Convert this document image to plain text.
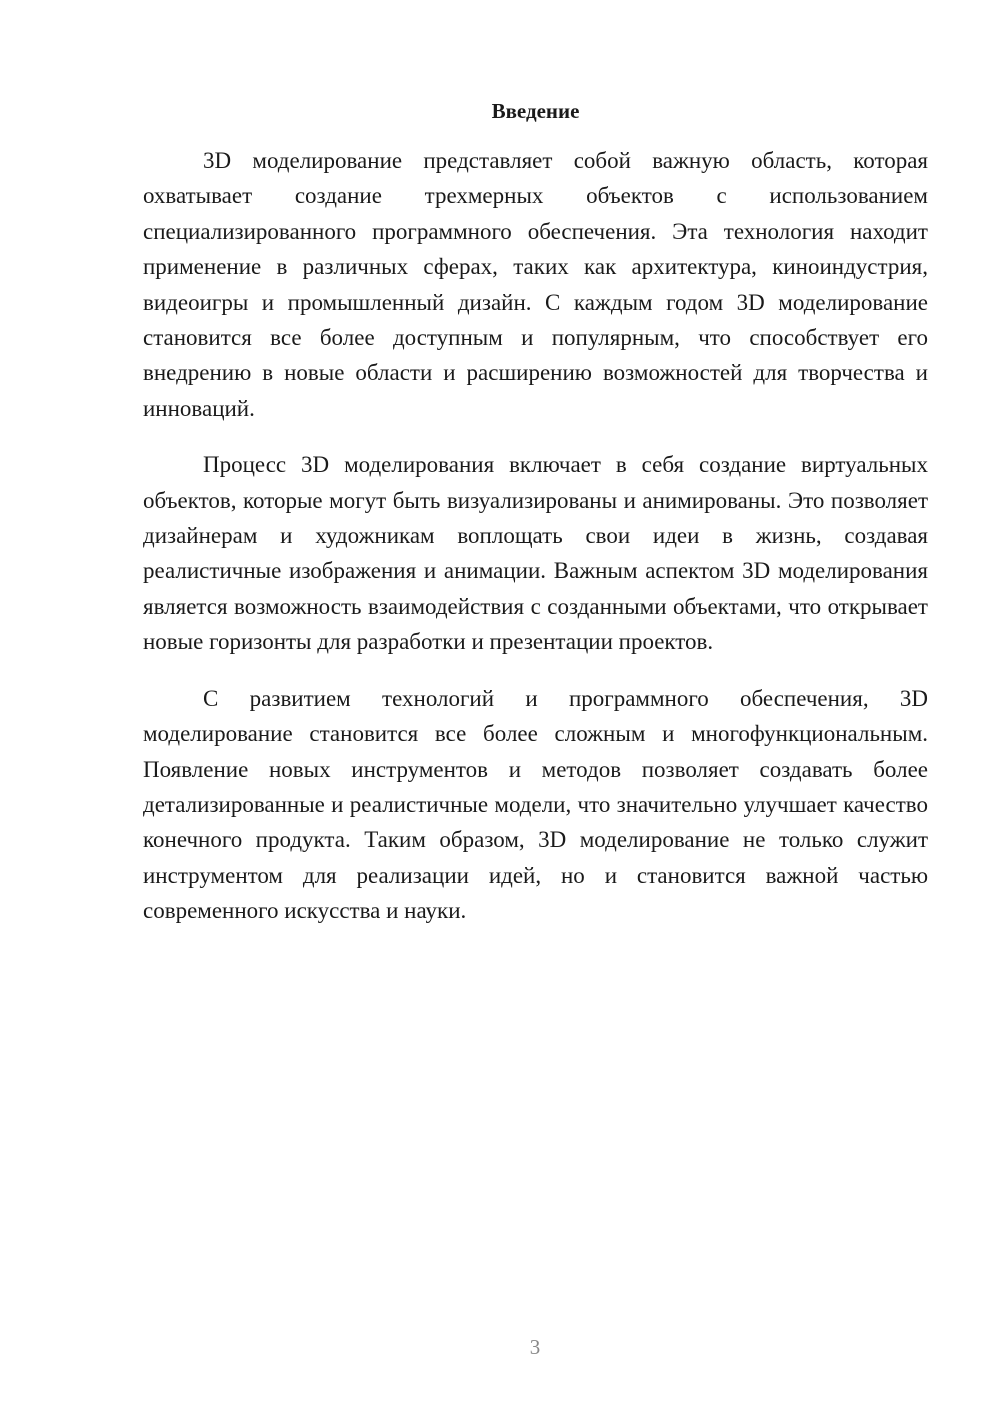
Введение

3D моделирование представляет собой важную область, которая охватывает создание трехмерных объектов с использованием специализированного программного обеспечения. Эта технология находит применение в различных сферах, таких как архитектура, киноиндустрия, видеоигры и промышленный дизайн. С каждым годом 3D моделирование становится все более доступным и популярным, что способствует его внедрению в новые области и расширению возможностей для творчества и инноваций.

Процесс 3D моделирования включает в себя создание виртуальных объектов, которые могут быть визуализированы и анимированы. Это позволяет дизайнерам и художникам воплощать свои идеи в жизнь, создавая реалистичные изображения и анимации. Важным аспектом 3D моделирования является возможность взаимодействия с созданными объектами, что открывает новые горизонты для разработки и презентации проектов.

С развитием технологий и программного обеспечения, 3D моделирование становится все более сложным и многофункциональным. Появление новых инструментов и методов позволяет создавать более детализированные и реалистичные модели, что значительно улучшает качество конечного продукта. Таким образом, 3D моделирование не только служит инструментом для реализации идей, но и становится важной частью современного искусства и науки.

3
